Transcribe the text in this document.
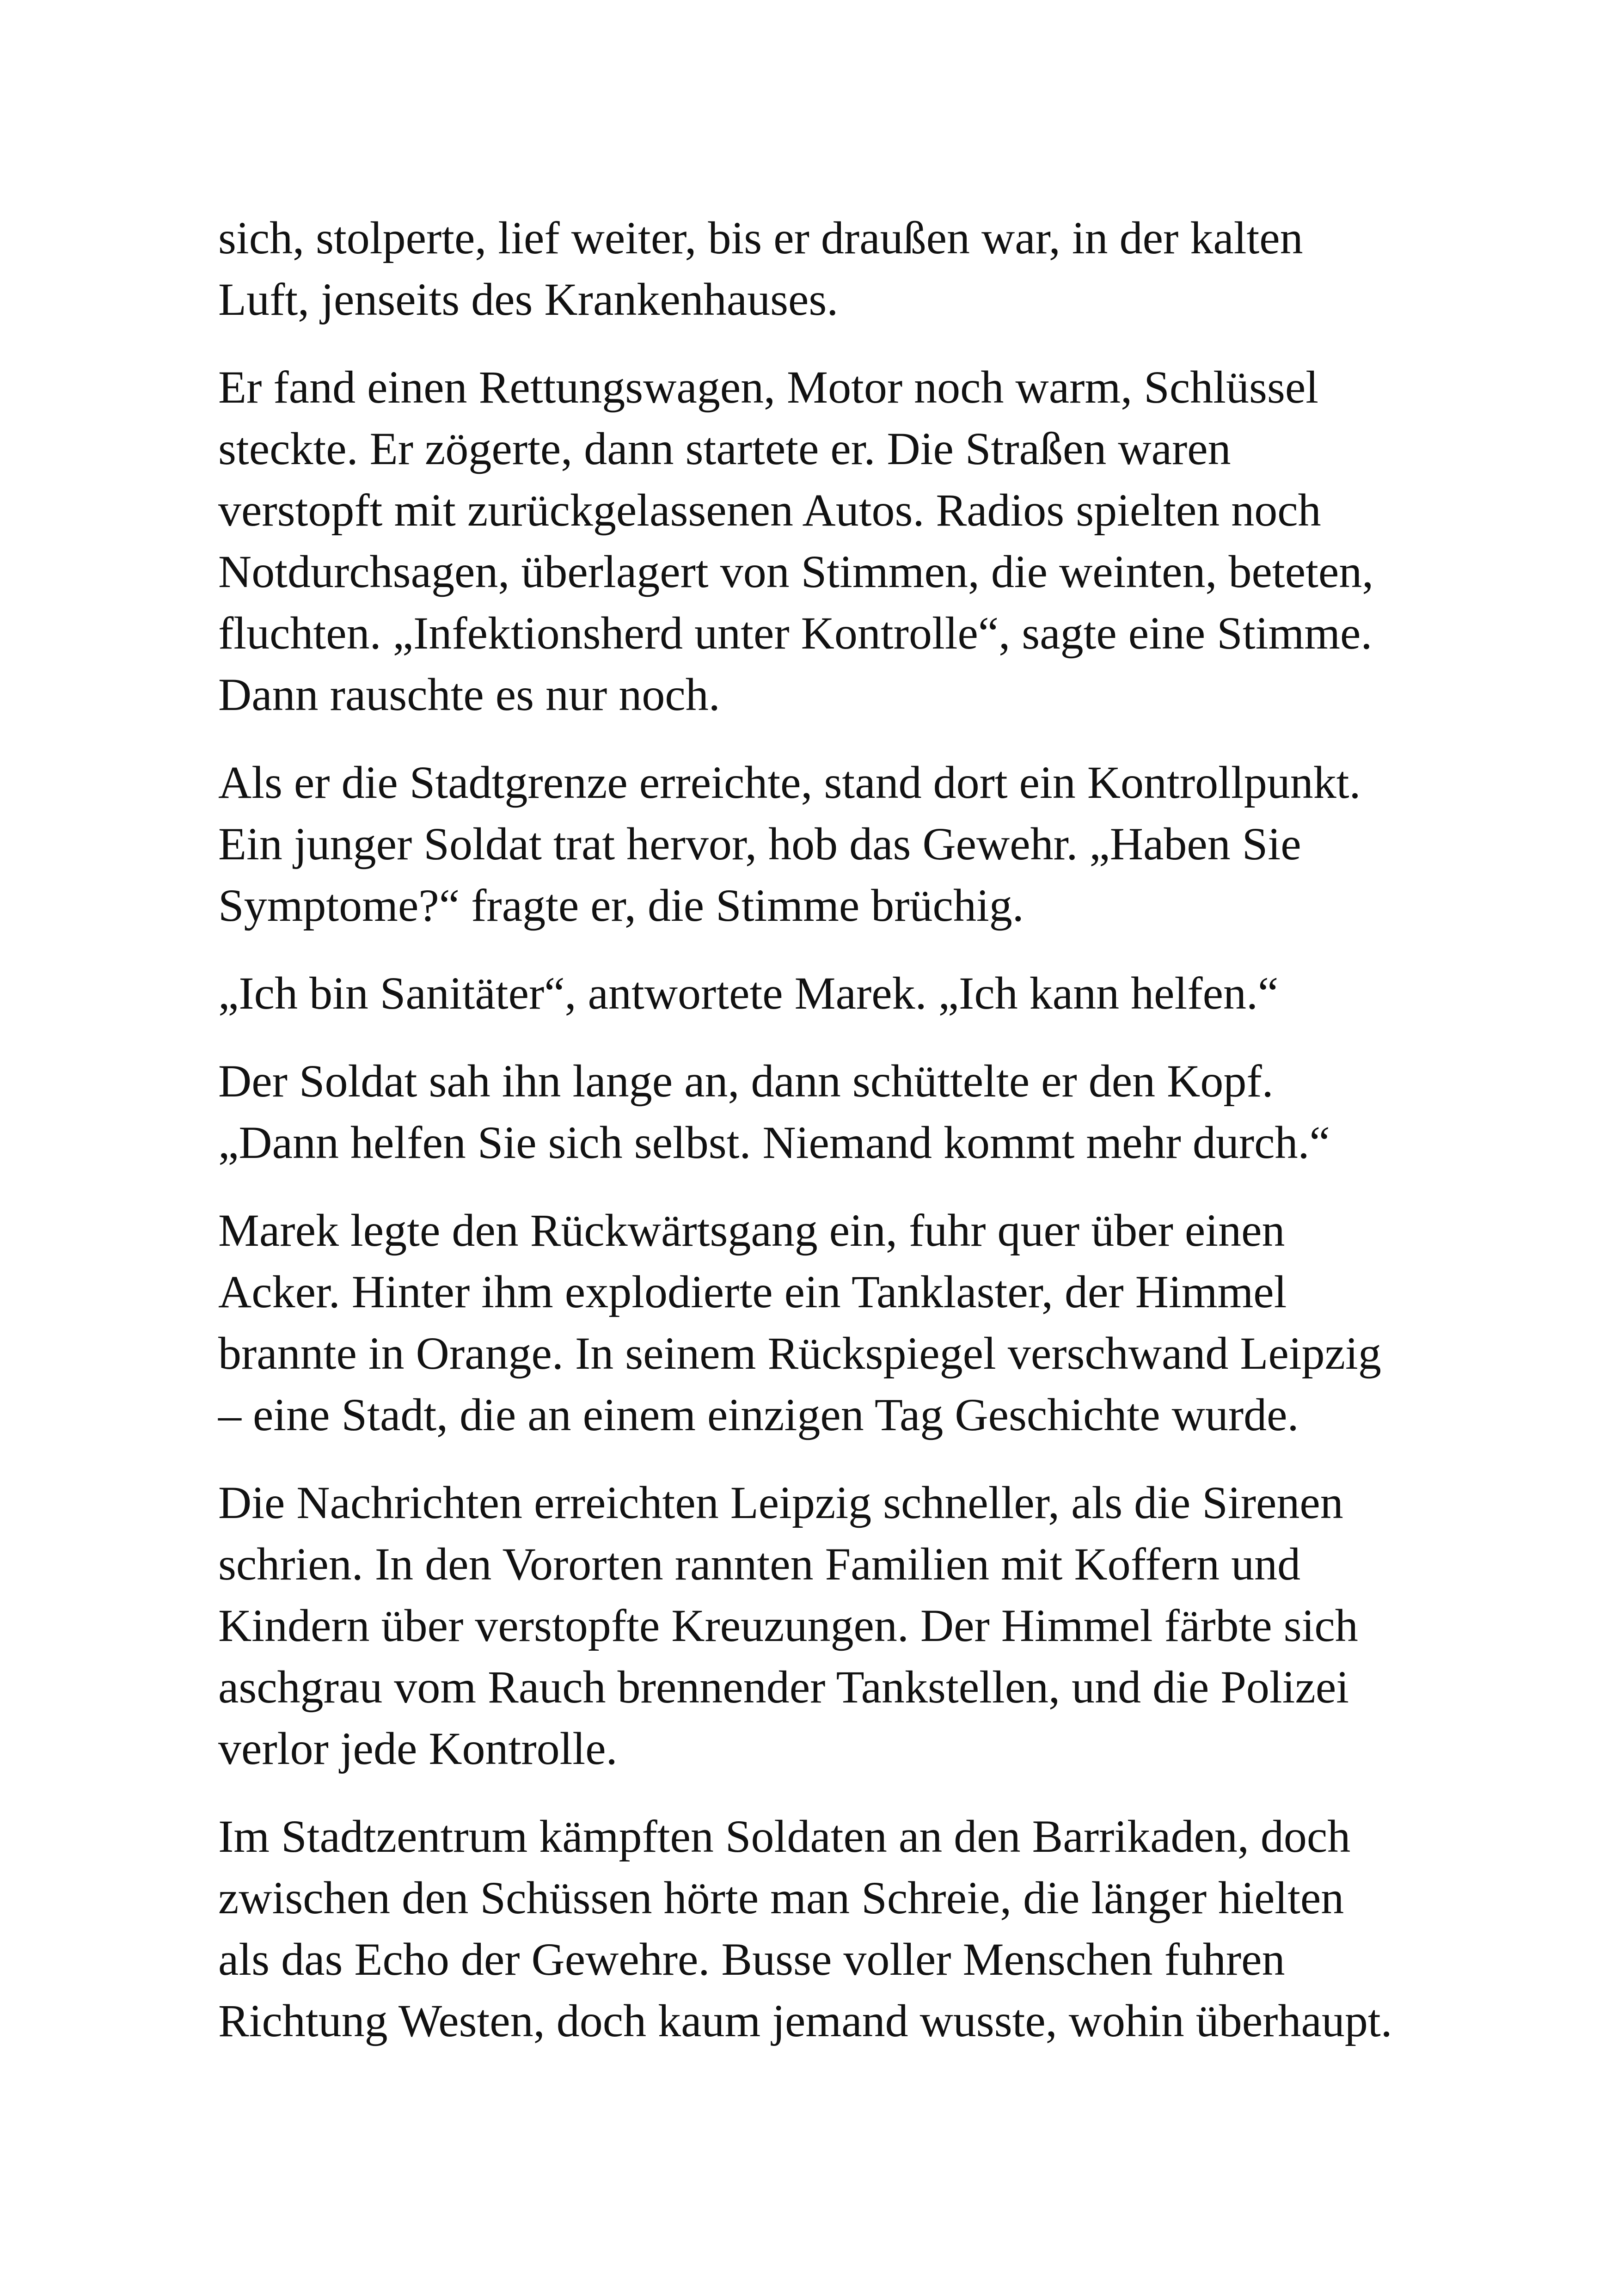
sich, stolperte, lief weiter, bis er draußen war, in der kalten
Luft, jenseits des Krankenhauses.

Er fand einen Rettungswagen, Motor noch warm, Schlüssel
steckte. Er zögerte, dann startete er. Die Straßen waren
verstopft mit zurückgelassenen Autos. Radios spielten noch
Notdurchsagen, überlagert von Stimmen, die weinten, beteten,
fluchten. „Infektionsherd unter Kontrolle“, sagte eine Stimme.
Dann rauschte es nur noch.

Als er die Stadtgrenze erreichte, stand dort ein Kontrollpunkt.
Ein junger Soldat trat hervor, hob das Gewehr. „Haben Sie
Symptome?“ fragte er, die Stimme brüchig.

„Ich bin Sanitäter“, antwortete Marek. „Ich kann helfen.“

Der Soldat sah ihn lange an, dann schüttelte er den Kopf.
„Dann helfen Sie sich selbst. Niemand kommt mehr durch.“

Marek legte den Rückwärtsgang ein, fuhr quer über einen
Acker. Hinter ihm explodierte ein Tanklaster, der Himmel
brannte in Orange. In seinem Rückspiegel verschwand Leipzig
– eine Stadt, die an einem einzigen Tag Geschichte wurde.

Die Nachrichten erreichten Leipzig schneller, als die Sirenen
schrien. In den Vororten rannten Familien mit Koffern und
Kindern über verstopfte Kreuzungen. Der Himmel färbte sich
aschgrau vom Rauch brennender Tankstellen, und die Polizei
verlor jede Kontrolle.

Im Stadtzentrum kämpften Soldaten an den Barrikaden, doch
zwischen den Schüssen hörte man Schreie, die länger hielten
als das Echo der Gewehre. Busse voller Menschen fuhren
Richtung Westen, doch kaum jemand wusste, wohin überhaupt.
